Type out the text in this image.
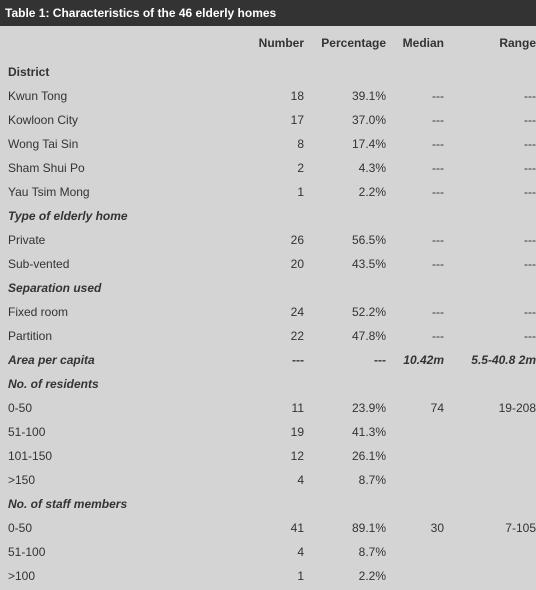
Table 1: Characteristics of the 46 elderly homes
	Number	Percentage	Median	Range
District				
Kwun Tong	18	39.1%	---	---
Kowloon City	17	37.0%	---	---
Wong Tai Sin	8	17.4%	---	---
Sham Shui Po	2	4.3%	---	---
Yau Tsim Mong	1	2.2%	---	---
Type of elderly home				
Private	26	56.5%	---	---
Sub-vented	20	43.5%	---	---
Separation used				
Fixed room	24	52.2%	---	---
Partition	22	47.8%	---	---
Area per capita	---	---	10.42m	5.5-40.8 2m
No. of residents				
0-50	11	23.9%	74	19-208
51-100	19	41.3%		
101-150	12	26.1%		
>150	4	8.7%		
No. of staff members				
0-50	41	89.1%	30	7-105
51-100	4	8.7%		
>100	1	2.2%		
